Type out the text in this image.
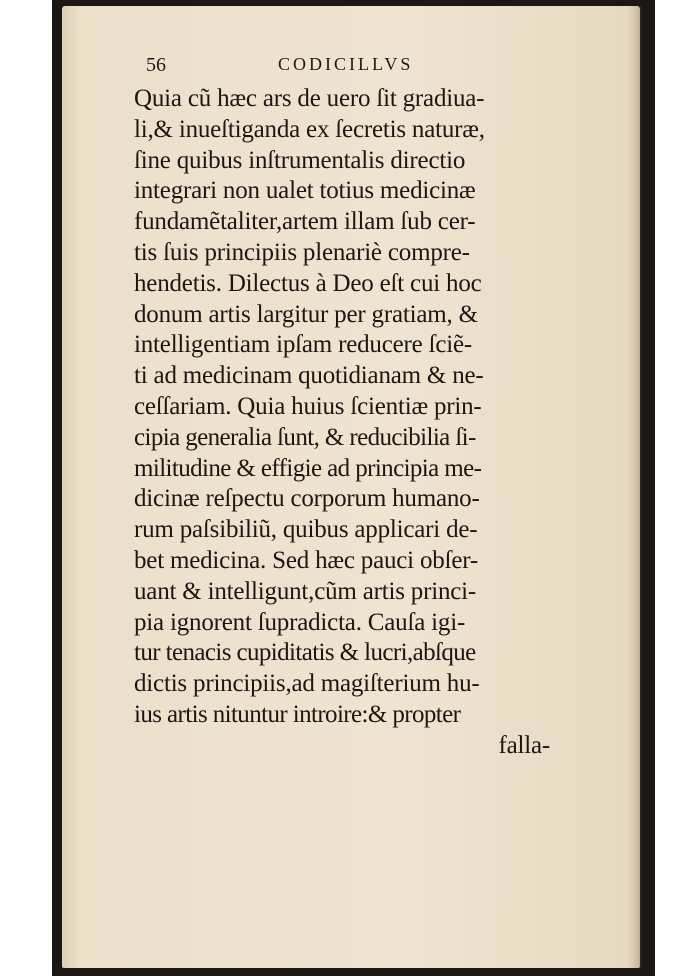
56	CODICILLVS
Quia cũ hæc ars de uero ſit gradiua-
li,& inueſtiganda ex ſecretis naturæ,
ſine quibus inſtrumentalis directio
integrari non ualet totius medicinæ
fundamẽtaliter,artem illam ſub cer-
tis ſuis principiis plenariè compre-
hendetis. Dilectus à Deo eſt cui hoc
donum artis largitur per gratiam, &
intelligentiam ipſam reducere ſciẽ-
ti ad medicinam quotidianam & ne-
ceſſariam. Quia huius ſcientiæ prin-
cipia generalia ſunt, & reducibilia ſi-
militudine & effigie ad principia me-
dicinæ reſpectu corporum humano-
rum paſsibiliũ, quibus applicari de-
bet medicina. Sed hæc pauci obſer-
uant & intelligunt,cũm artis princi-
pia ignorent ſupradicta. Cauſa igi-
tur tenacis cupiditatis & lucri,abſque
dictis principiis,ad magiſterium hu-
ius artis nituntur introire:& propter
falla-
